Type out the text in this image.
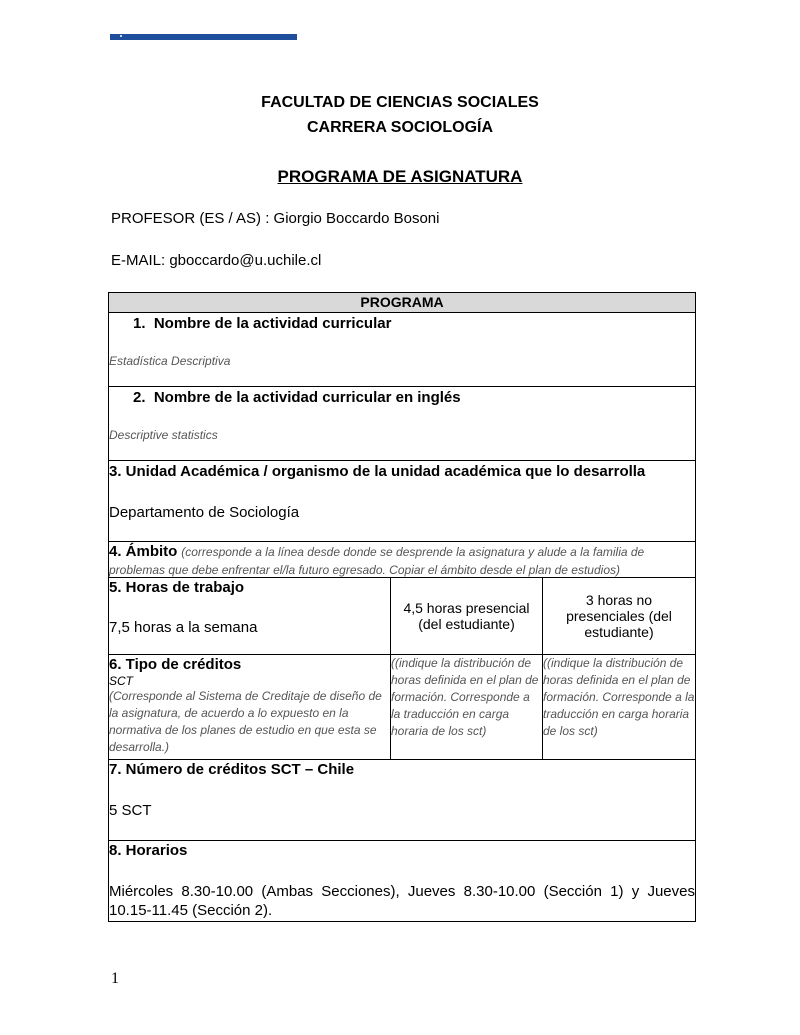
FACULTAD DE CIENCIAS SOCIALES
CARRERA SOCIOLOGÍA
PROGRAMA DE ASIGNATURA
PROFESOR (ES / AS) : Giorgio Boccardo Bosoni
E-MAIL: gboccardo@u.uchile.cl
PROGRAMA		

1.  Nombre de la actividad curricular
Estadística Descriptiva		

2.  Nombre de la actividad curricular en inglés
Descriptive statistics		

3. Unidad Académica / organismo de la unidad académica que lo desarrolla
Departamento de Sociología		

4. Ámbito (corresponde a la línea desde donde se desprende la asignatura y alude a la familia de problemas que debe enfrentar el/la futuro egresado. Copiar el ámbito desde el plan de estudios)		

5. Horas de trabajo
7,5 horas a la semana	4,5 horas presencial (del estudiante)	3 horas no presenciales (del estudiante)

6. Tipo de créditos
SCT
(Corresponde al Sistema de Creditaje de diseño de la asignatura, de acuerdo a lo expuesto en la normativa de los planes de estudio en que esta se desarrolla.)	((indique la distribución de horas definida en el plan de formación. Corresponde a la traducción en carga horaria de los sct)	((indique la distribución de horas definida en el plan de formación. Corresponde a la traducción en carga horaria de los sct)

7. Número de créditos SCT – Chile
5 SCT		

8. Horarios
Miércoles 8.30-10.00 (Ambas Secciones), Jueves 8.30-10.00 (Sección 1) y Jueves 10.15-11.45 (Sección 2).		
1
